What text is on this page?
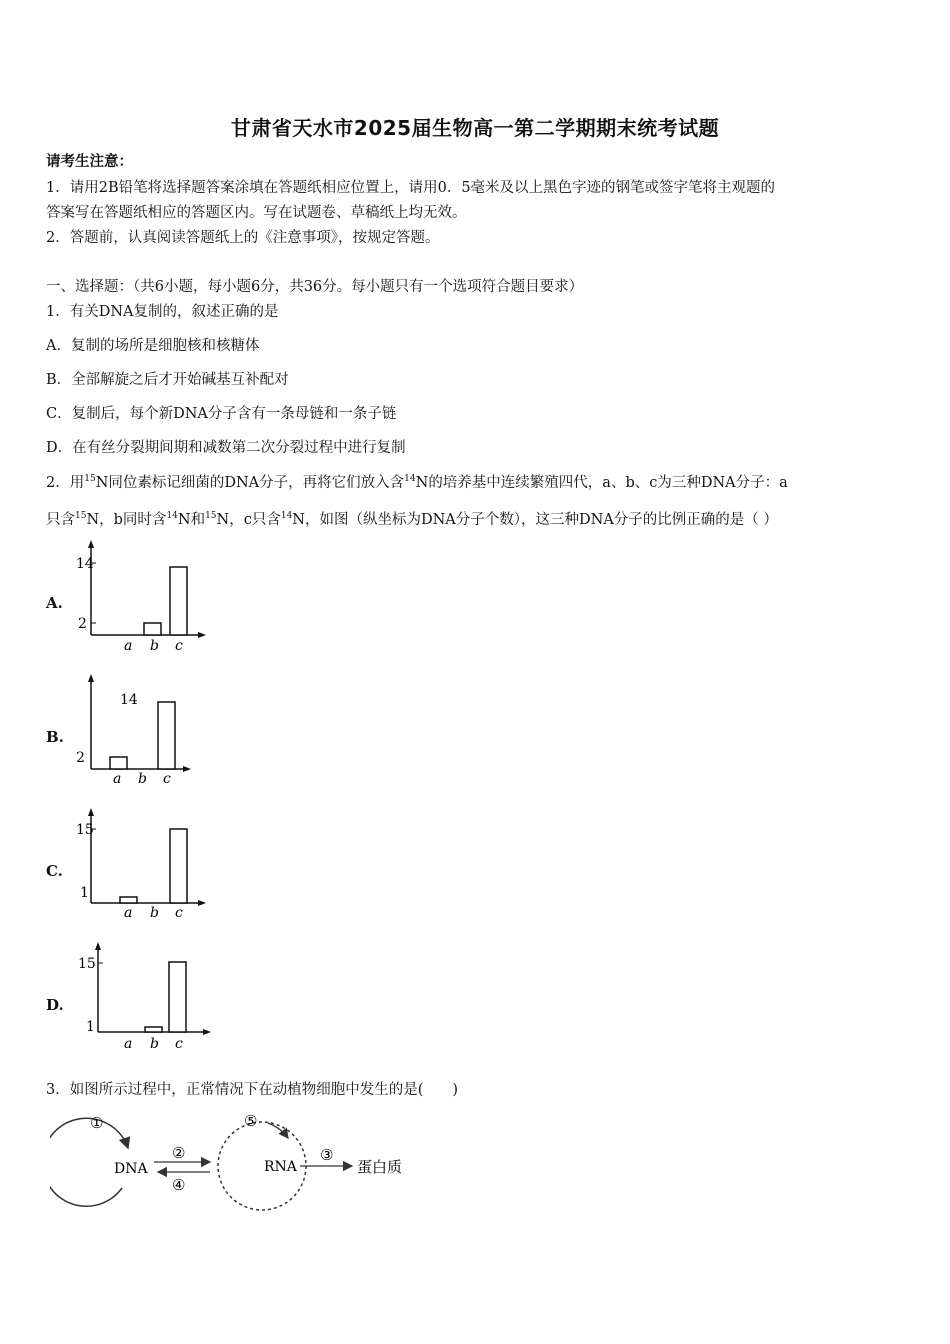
甘肃省天水市2025届生物高一第二学期期末统考试题
请考生注意：
1．请用2B铅笔将选择题答案涂填在答题纸相应位置上，请用0．5毫米及以上黑色字迹的钢笔或签字笔将主观题的
答案写在答题纸相应的答题区内。写在试题卷、草稿纸上均无效。
2．答题前，认真阅读答题纸上的《注意事项》，按规定答题。
一、选择题：（共6小题，每小题6分，共36分。每小题只有一个选项符合题目要求）
1．有关DNA复制的，叙述正确的是
A．复制的场所是细胞核和核糖体
B．全部解旋之后才开始碱基互补配对
C．复制后，每个新DNA分子含有一条母链和一条子链
D．在有丝分裂期间期和减数第二次分裂过程中进行复制
2．用$^{15}$N同位素标记细菌的DNA分子，再将它们放入含$^{14}$N的培养基中连续繁殖四代，a、b、c为三种DNA分子：a
只含$^{15}$N，b同时含$^{14}$N和$^{15}$N，c只含$^{14}$N，如图（纵坐标为DNA分子个数），这三种DNA分子的比例正确的是（ ）
A.
14
2
a b c
B.
14
2
a b c
C.
15
1
a b c
D.
15
1
a b c
3．如图所示过程中，正常情况下在动植物细胞中发生的是(　　)
①
DNA
②
④
⑤
RNA
③
蛋白质
